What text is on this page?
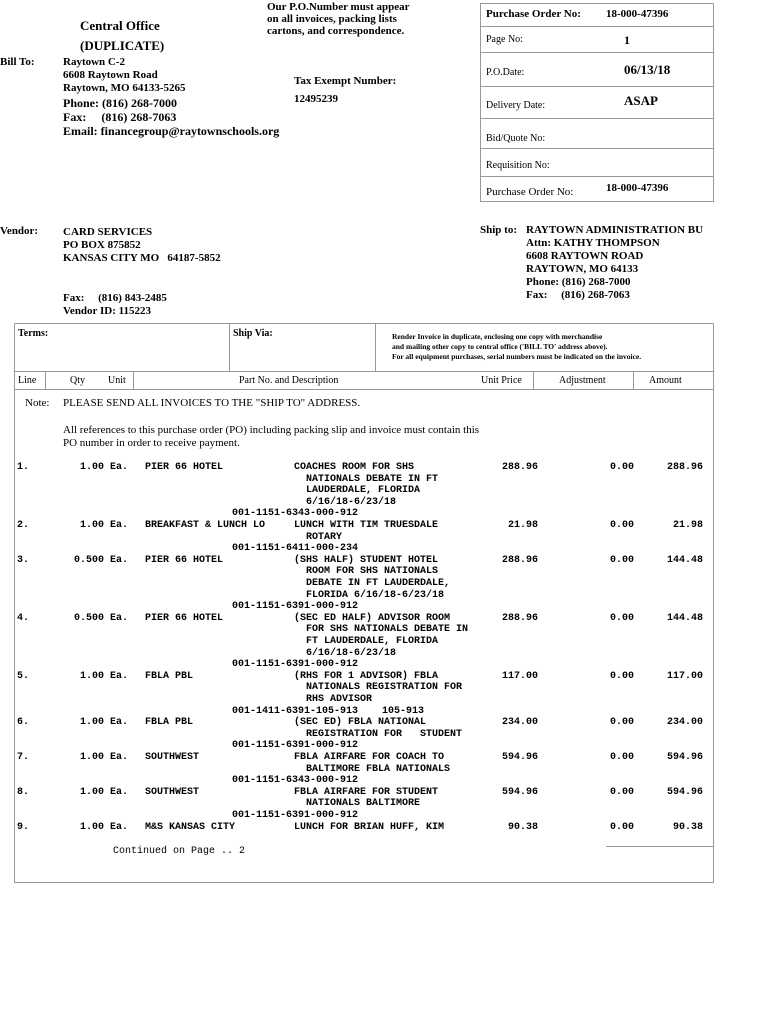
Central Office
(DUPLICATE)
Our P.O.Number must appear
on all invoices, packing lists
cartons, and correspondence.
Bill To:	Raytown C-2
6608 Raytown Road
Raytown, MO 64133-5265
Phone: (816) 268-7000
Fax:     (816) 268-7063
Email: financegroup@raytownschools.org
Tax Exempt Number:
12495239
Purchase Order No: 18-000-47396
Page No:	1
P.O.Date:	06/13/18
Delivery Date:	ASAP
Bid/Quote No:
Requisition No:
Purchase Order No:	18-000-47396
Vendor: CARD SERVICES
PO BOX 875852
KANSAS CITY MO   64187-5852
Fax:     (816) 843-2485
Vendor ID: 115223
Ship to: RAYTOWN ADMINISTRATION BU
Attn: KATHY THOMPSON
6608 RAYTOWN ROAD
RAYTOWN, MO 64133
Phone: (816) 268-7000
Fax:     (816) 268-7063
Terms:	Ship Via:	Render Invoice in duplicate, enclosing one copy with merchandise
and mailing other copy to central office ('BILL TO' address above).
For all equipment purchases, serial numbers must be indicated on the invoice.
Line	Qty Unit	Part No. and Description	Unit Price	Adjustment	Amount
Note: PLEASE SEND ALL INVOICES TO THE "SHIP TO" ADDRESS.
All references to this purchase order (PO) including packing slip and invoice must contain this
PO number in order to receive payment.
1.	1.00 Ea. PIER 66 HOTEL	COACHES ROOM FOR SHS
NATIONALS DEBATE IN FT
LAUDERDALE, FLORIDA
6/16/18-6/23/18
288.96	0.00	288.96
001-1151-6343-000-912
2.	1.00 Ea. BREAKFAST & LUNCH LO	LUNCH WITH TIM TRUESDALE
ROTARY
21.98	0.00	21.98
001-1151-6411-000-234
3.	0.500 Ea. PIER 66 HOTEL	(SHS HALF) STUDENT HOTEL
ROOM FOR SHS NATIONALS
DEBATE IN FT LAUDERDALE,
FLORIDA 6/16/18-6/23/18
288.96	0.00	144.48
001-1151-6391-000-912
4.	0.500 Ea. PIER 66 HOTEL	(SEC ED HALF) ADVISOR ROOM
FOR SHS NATIONALS DEBATE IN
FT LAUDERDALE, FLORIDA
6/16/18-6/23/18
288.96	0.00	144.48
001-1151-6391-000-912
5.	1.00 Ea. FBLA PBL	(RHS FOR 1 ADVISOR) FBLA
NATIONALS REGISTRATION FOR
RHS ADVISOR
117.00	0.00	117.00
001-1411-6391-105-913    105-913
6.	1.00 Ea. FBLA PBL	(SEC ED) FBLA NATIONAL
REGISTRATION FOR   STUDENT
234.00	0.00	234.00
001-1151-6391-000-912
7.	1.00 Ea. SOUTHWEST	FBLA AIRFARE FOR COACH TO
BALTIMORE FBLA NATIONALS
594.96	0.00	594.96
001-1151-6343-000-912
8.	1.00 Ea. SOUTHWEST	FBLA AIRFARE FOR STUDENT
NATIONALS BALTIMORE
594.96	0.00	594.96
001-1151-6391-000-912
9.	1.00 Ea. M&S KANSAS CITY	LUNCH FOR BRIAN HUFF, KIM	90.38	0.00	90.38
Continued on Page .. 2
